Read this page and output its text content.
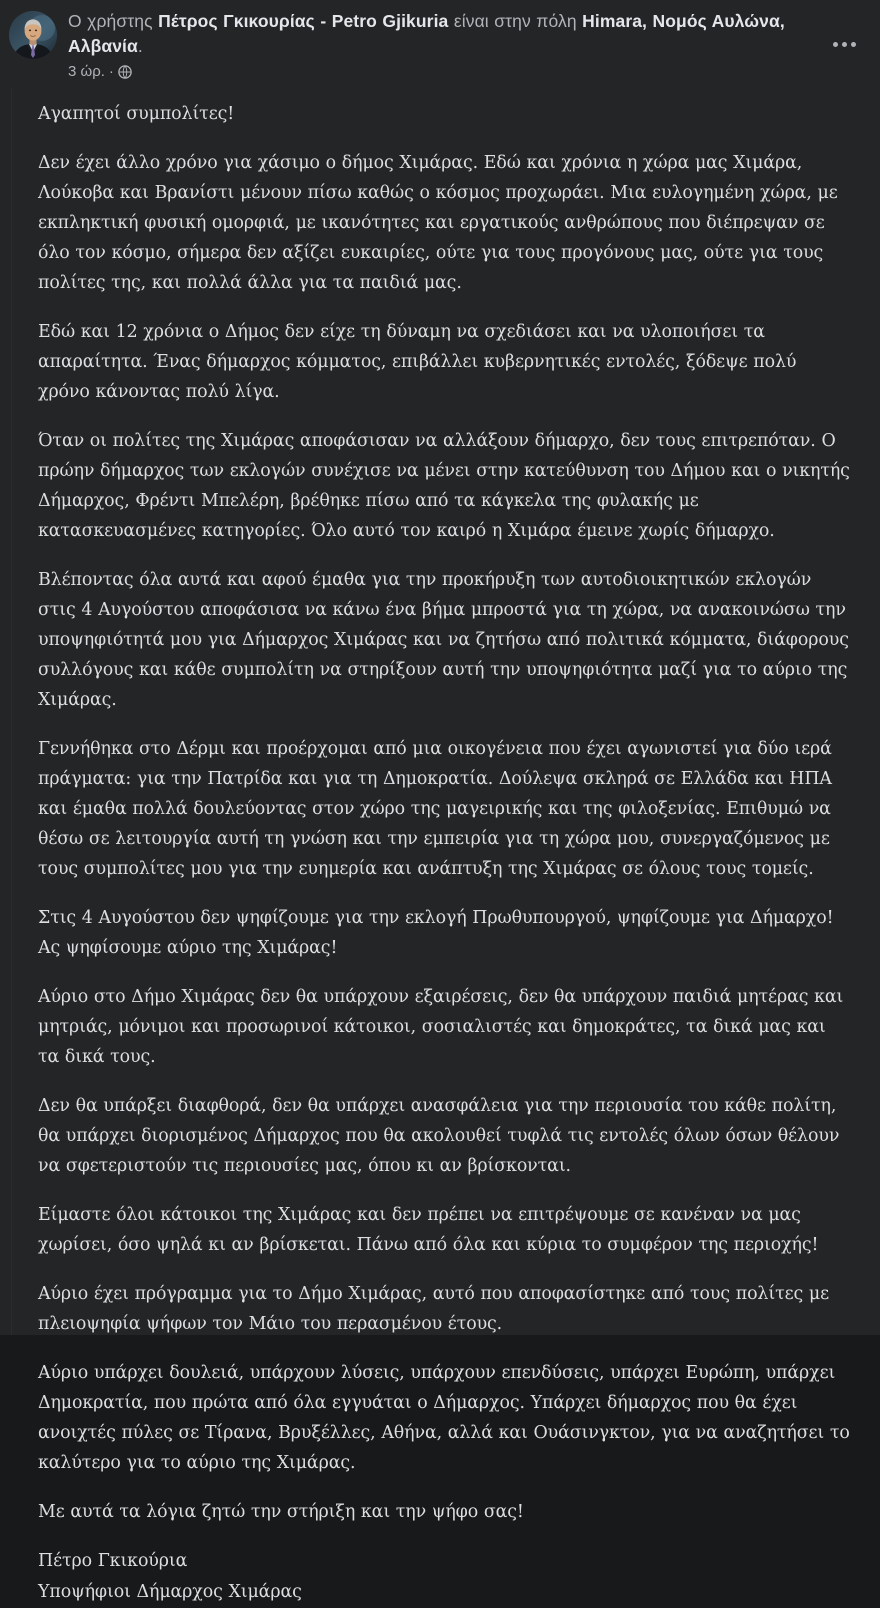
Ο χρήστης Πέτρος Γκικουρίας - Petro Gjikuria είναι στην πόλη Himara, Νομός Αυλώνα, Αλβανία.

3 ώρ. ·

Αγαπητοί συμπολίτες!

Δεν έχει άλλο χρόνο για χάσιμο ο δήμος Χιμάρας. Εδώ και χρόνια η χώρα μας Χιμάρα, Λούκοβα και Βρανίστι μένουν πίσω καθώς ο κόσμος προχωράει. Μια ευλογημένη χώρα, με εκπληκτική φυσική ομορφιά, με ικανότητες και εργατικούς ανθρώπους που διέπρεψαν σε όλο τον κόσμο, σήμερα δεν αξίζει ευκαιρίες, ούτε για τους προγόνους μας, ούτε για τους πολίτες της, και πολλά άλλα για τα παιδιά μας.

Εδώ και 12 χρόνια ο Δήμος δεν είχε τη δύναμη να σχεδιάσει και να υλοποιήσει τα απαραίτητα. Ένας δήμαρχος κόμματος, επιβάλλει κυβερνητικές εντολές, ξόδεψε πολύ χρόνο κάνοντας πολύ λίγα.

Όταν οι πολίτες της Χιμάρας αποφάσισαν να αλλάξουν δήμαρχο, δεν τους επιτρεπόταν. Ο πρώην δήμαρχος των εκλογών συνέχισε να μένει στην κατεύθυνση του Δήμου και ο νικητής Δήμαρχος, Φρέντι Μπελέρη, βρέθηκε πίσω από τα κάγκελα της φυλακής με κατασκευασμένες κατηγορίες. Όλο αυτό τον καιρό η Χιμάρα έμεινε χωρίς δήμαρχο.

Βλέποντας όλα αυτά και αφού έμαθα για την προκήρυξη των αυτοδιοικητικών εκλογών στις 4 Αυγούστου αποφάσισα να κάνω ένα βήμα μπροστά για τη χώρα, να ανακοινώσω την υποψηφιότητά μου για Δήμαρχος Χιμάρας και να ζητήσω από πολιτικά κόμματα, διάφορους συλλόγους και κάθε συμπολίτη να στηρίξουν αυτή την υποψηφιότητα μαζί για το αύριο της Χιμάρας.

Γεννήθηκα στο Δέρμι και προέρχομαι από μια οικογένεια που έχει αγωνιστεί για δύο ιερά πράγματα: για την Πατρίδα και για τη Δημοκρατία. Δούλεψα σκληρά σε Ελλάδα και ΗΠΑ και έμαθα πολλά δουλεύοντας στον χώρο της μαγειρικής και της φιλοξενίας. Επιθυμώ να θέσω σε λειτουργία αυτή τη γνώση και την εμπειρία για τη χώρα μου, συνεργαζόμενος με τους συμπολίτες μου για την ευημερία και ανάπτυξη της Χιμάρας σε όλους τους τομείς.

Στις 4 Αυγούστου δεν ψηφίζουμε για την εκλογή Πρωθυπουργού, ψηφίζουμε για Δήμαρχο! Ας ψηφίσουμε αύριο της Χιμάρας!

Αύριο στο Δήμο Χιμάρας δεν θα υπάρχουν εξαιρέσεις, δεν θα υπάρχουν παιδιά μητέρας και μητριάς, μόνιμοι και προσωρινοί κάτοικοι, σοσιαλιστές και δημοκράτες, τα δικά μας και τα δικά τους.

Δεν θα υπάρξει διαφθορά, δεν θα υπάρχει ανασφάλεια για την περιουσία του κάθε πολίτη, θα υπάρχει διορισμένος Δήμαρχος που θα ακολουθεί τυφλά τις εντολές όλων όσων θέλουν να σφετεριστούν τις περιουσίες μας, όπου κι αν βρίσκονται.

Είμαστε όλοι κάτοικοι της Χιμάρας και δεν πρέπει να επιτρέψουμε σε κανέναν να μας χωρίσει, όσο ψηλά κι αν βρίσκεται. Πάνω από όλα και κύρια το συμφέρον της περιοχής!

Αύριο έχει πρόγραμμα για το Δήμο Χιμάρας, αυτό που αποφασίστηκε από τους πολίτες με πλειοψηφία ψήφων τον Μάιο του περασμένου έτους.

Αύριο υπάρχει δουλειά, υπάρχουν λύσεις, υπάρχουν επενδύσεις, υπάρχει Ευρώπη, υπάρχει Δημοκρατία, που πρώτα από όλα εγγυάται ο Δήμαρχος. Υπάρχει δήμαρχος που θα έχει ανοιχτές πύλες σε Τίρανα, Βρυξέλλες, Αθήνα, αλλά και Ουάσινγκτον, για να αναζητήσει το καλύτερο για το αύριο της Χιμάρας.

Με αυτά τα λόγια ζητώ την στήριξη και την ψήφο σας!

Πέτρο Γκικούρια

Υποψήφιοι Δήμαρχος Χιμάρας
